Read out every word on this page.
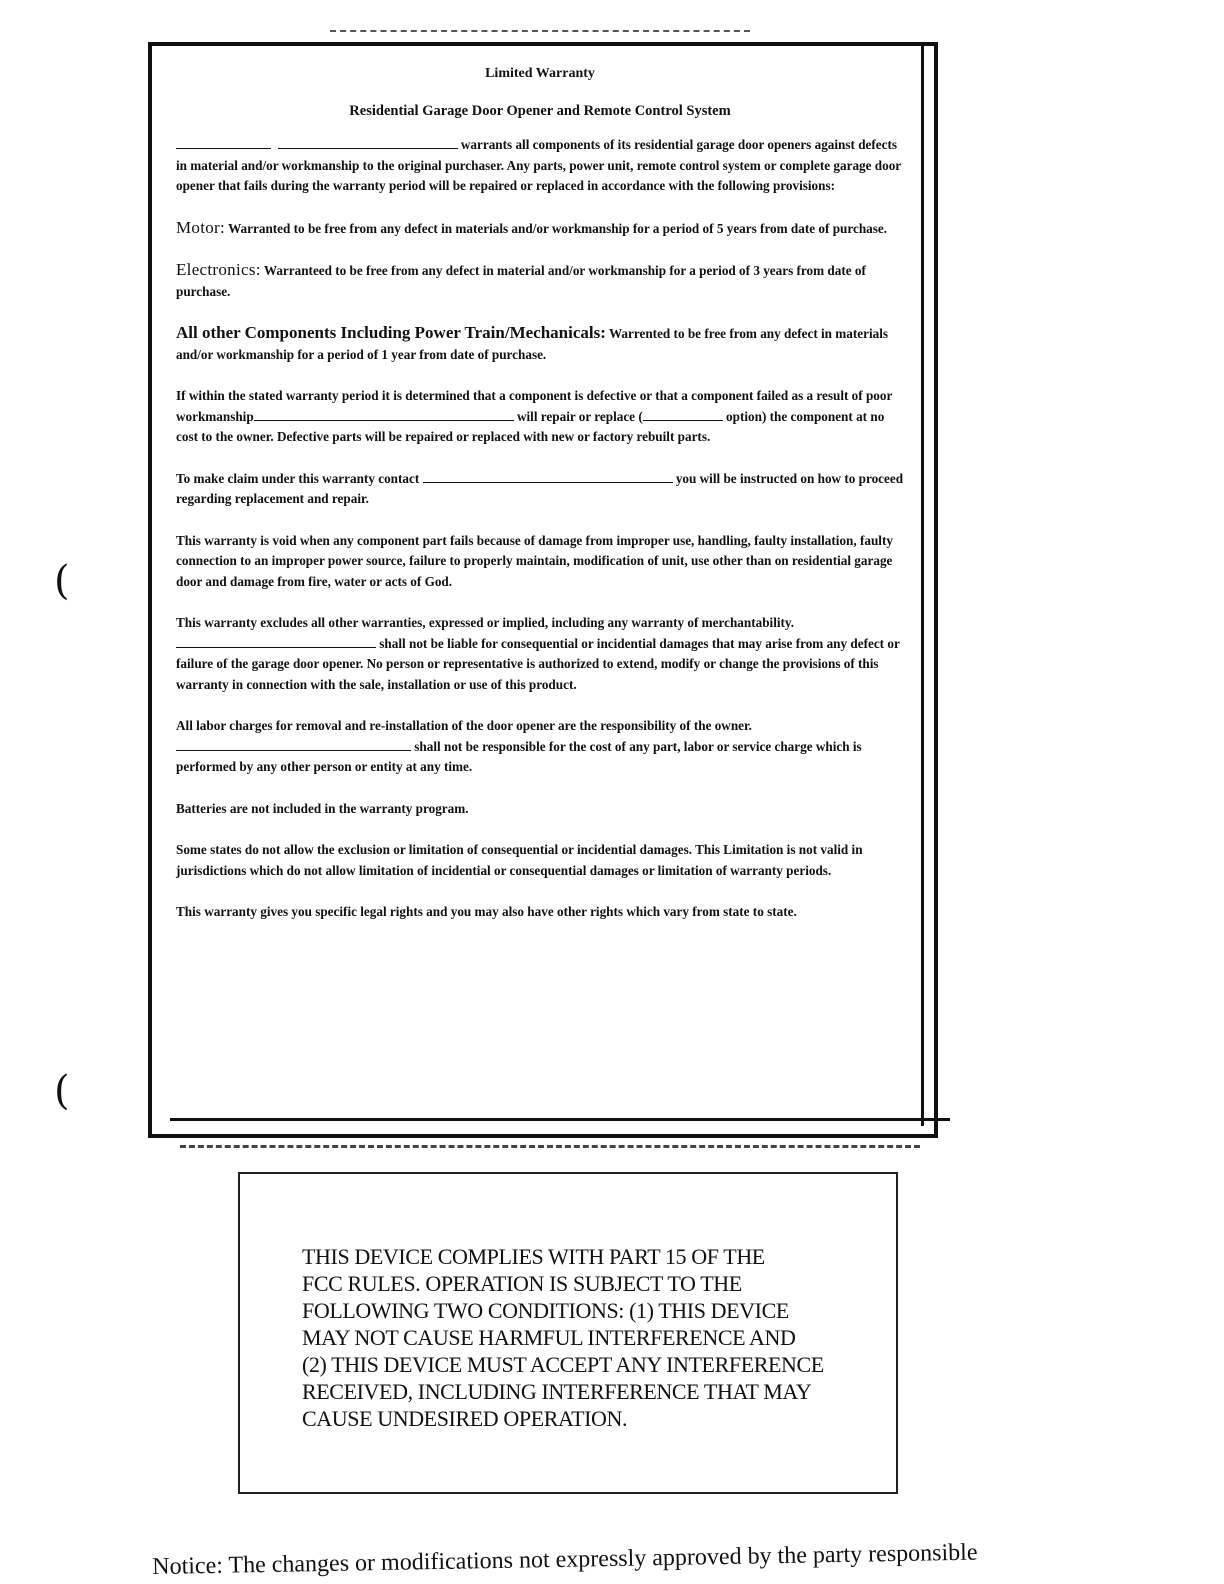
Limited Warranty

Residential Garage Door Opener and Remote Control System

warrants all components of its residential garage door openers against defects in material and/or workmanship to the original purchaser. Any parts, power unit, remote control system or complete garage door opener that fails during the warranty period will be repaired or replaced in accordance with the following provisions:

Motor: Warranted to be free from any defect in materials and/or workmanship for a period of 5 years from date of purchase.

Electronics: Warranteed to be free from any defect in material and/or workmanship for a period of 3 years from date of purchase.

All other Components Including Power Train/Mechanicals: Warrented to be free from any defect in materials and/or workmanship for a period of 1 year from date of purchase.

If within the stated warranty period it is determined that a component is defective or that a component failed as a result of poor workmanship	will repair or replace (	option) the component at no cost to the owner. Defective parts will be repaired or replaced with new or factory rebuilt parts.

To make claim under this warranty contact	you will be instructed on how to proceed regarding replacement and repair.

This warranty is void when any component part fails because of damage from improper use, handling, faulty installation, faulty connection to an improper power source, failure to properly maintain, modification of unit, use other than on residential garage door and damage from fire, water or acts of God.

This warranty excludes all other warranties, expressed or implied, including any warranty of merchantability.  shall not be liable for consequential or incidential damages that may arise from any defect or failure of the garage door opener. No person or representative is authorized to extend, modify or change the provisions of this warranty in connection with the sale, installation or use of this product.

All labor charges for removal and re-installation of the door opener are the responsibility of the owner.  shall not be responsible for the cost of any part, labor or service charge which is performed by any other person or entity at any time.

Batteries are not included in the warranty program.

Some states do not allow the exclusion or limitation of consequential or incidential damages. This Limitation is not valid in jurisdictions which do not allow limitation of incidential or consequential damages or limitation of warranty periods.

This warranty gives you specific legal rights and you may also have other rights which vary from state to state.

(
(
THIS DEVICE COMPLIES WITH PART 15 OF THE
FCC RULES. OPERATION IS SUBJECT TO THE
FOLLOWING TWO CONDITIONS: (1) THIS DEVICE
MAY NOT CAUSE HARMFUL INTERFERENCE AND
(2) THIS DEVICE MUST ACCEPT ANY INTERFERENCE
RECEIVED, INCLUDING INTERFERENCE THAT MAY
CAUSE UNDESIRED OPERATION.
Notice: The changes or modifications not expressly approved by the party responsible
